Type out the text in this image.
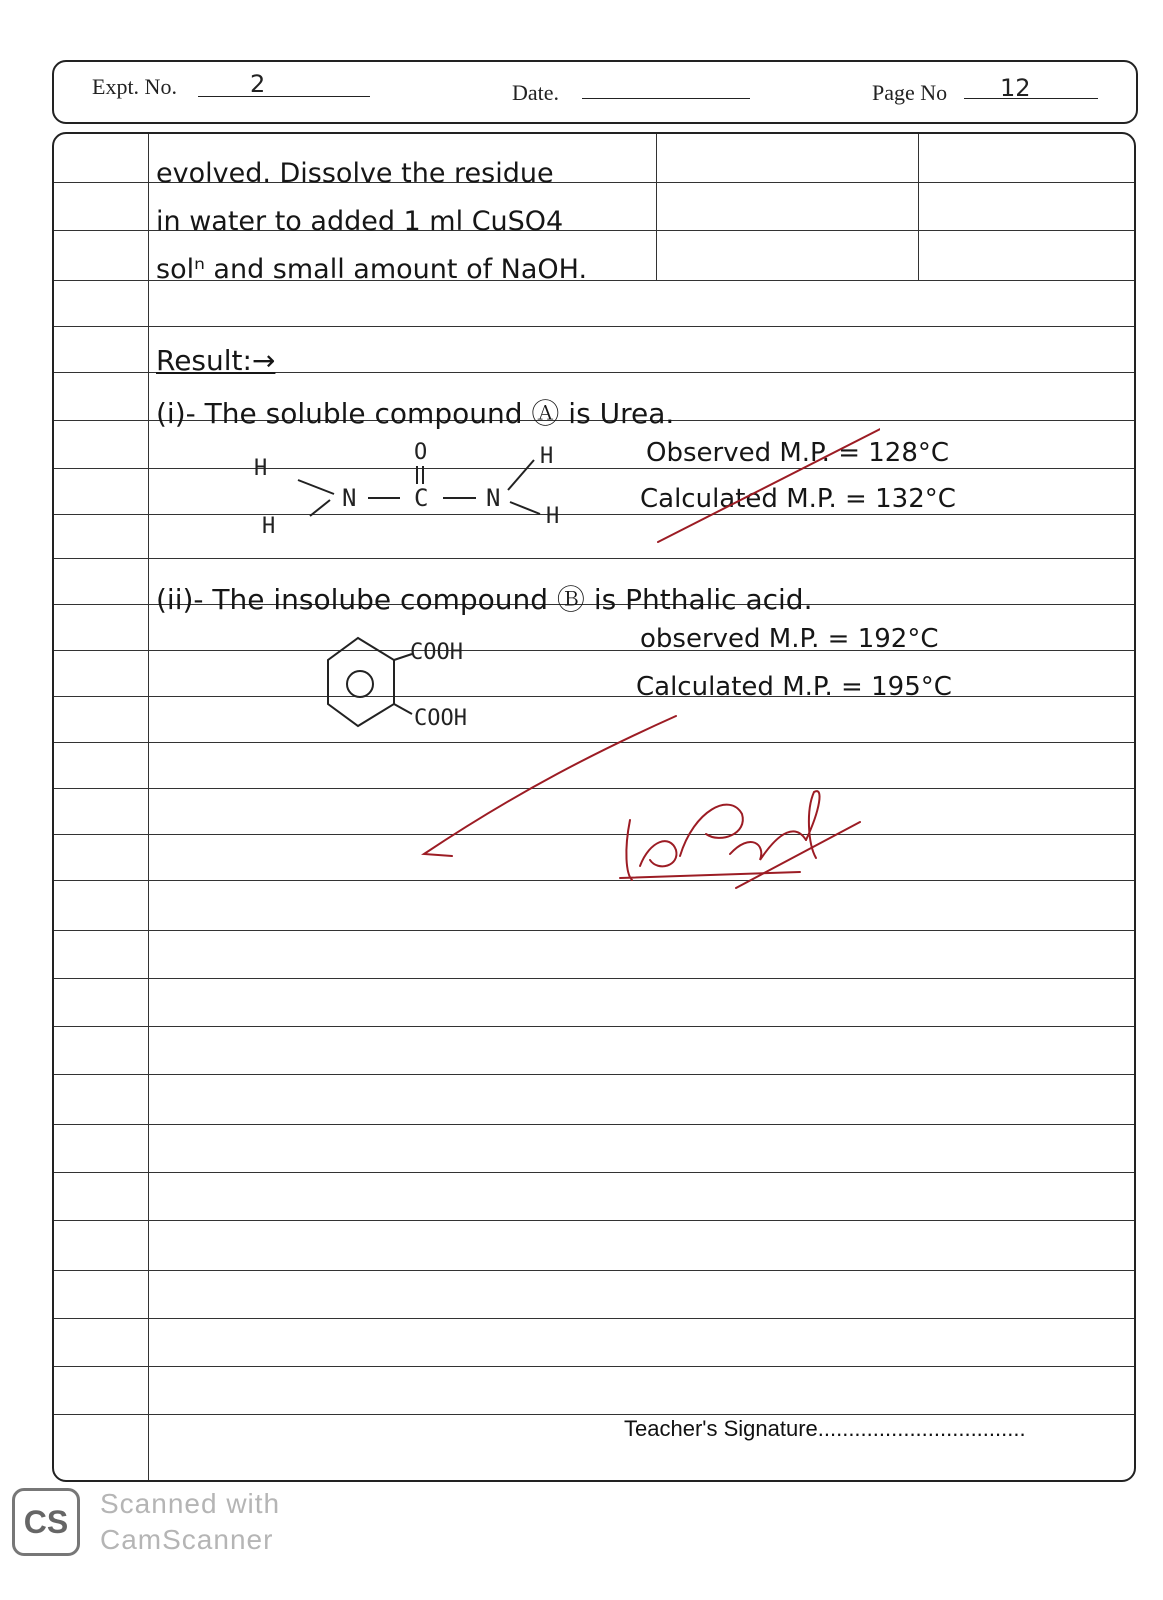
Expt. No.	2	Date.	Page No 12
evolved. Dissolve the residue
in water to added 1 ml CuSO4
solⁿ and small amount of NaOH.
Result:→
(i)- The soluble compound Ⓐ is Urea.
Observed M.P. = 128°C
Calculated M.P. = 132°C
H
H
N C
O
N
H
H
(ii)- The insolube compound Ⓑ is Phthalic acid.
observed M.P. = 192°C
Calculated M.P. = 195°C
COOH
COOH
Teacher's Signature..................................
CS	Scanned with
CamScanner
